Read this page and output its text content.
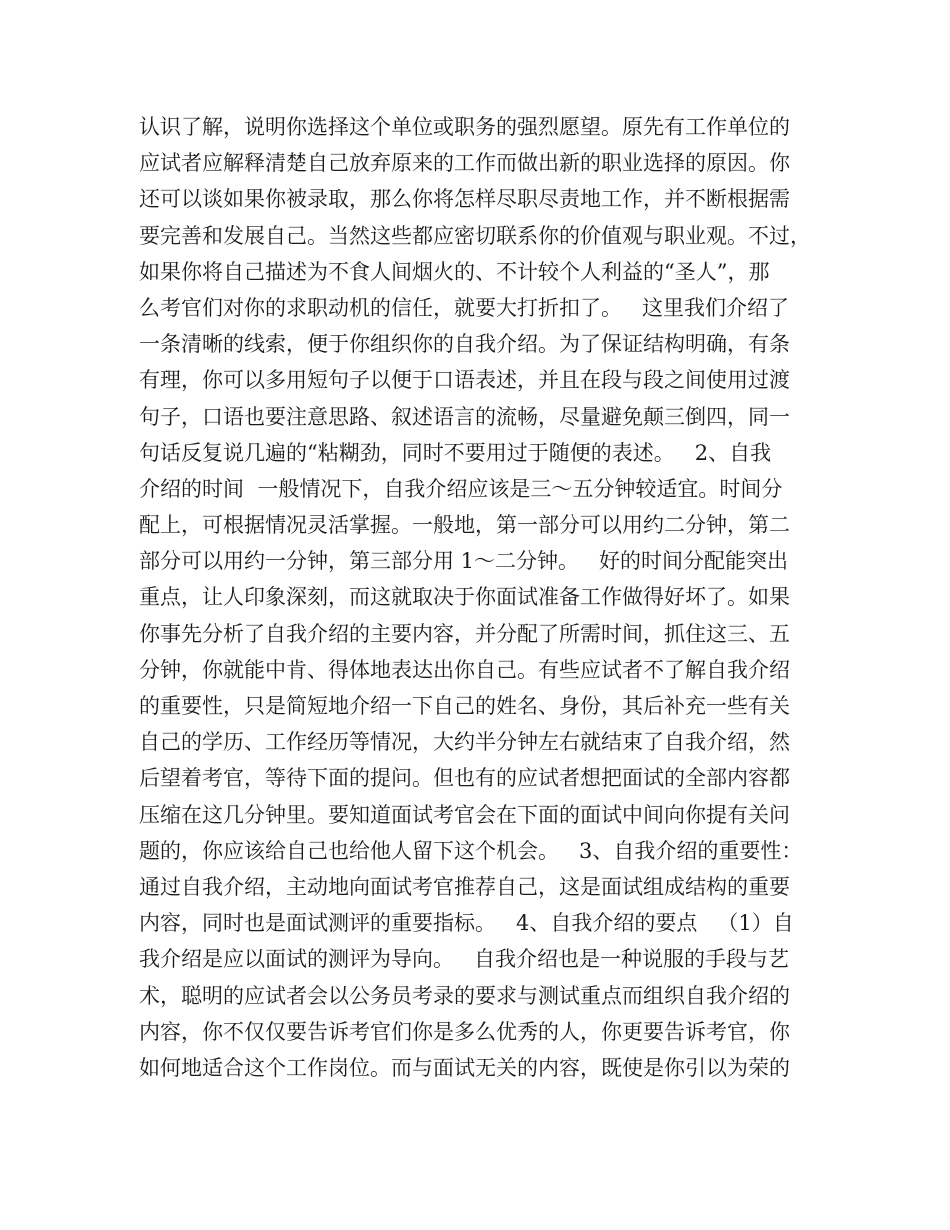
认识了解，说明你选择这个单位或职务的强烈愿望。原先有工作单位的
应试者应解释清楚自己放弃原来的工作而做出新的职业选择的原因。你
还可以谈如果你被录取，那么你将怎样尽职尽责地工作，并不断根据需
要完善和发展自己。当然这些都应密切联系你的价值观与职业观。不过，
如果你将自己描述为不食人间烟火的、不计较个人利益的“圣人”，那
么考官们对你的求职动机的信任，就要大打折扣了。   这里我们介绍了
一条清晰的线索，便于你组织你的自我介绍。为了保证结构明确，有条
有理，你可以多用短句子以便于口语表述，并且在段与段之间使用过渡
句子，口语也要注意思路、叙述语言的流畅，尽量避免颠三倒四，同一
句话反复说几遍的“粘糊劲，同时不要用过于随便的表述。   2、自我
介绍的时间  一般情况下，自我介绍应该是三～五分钟较适宜。时间分
配上，可根据情况灵活掌握。一般地，第一部分可以用约二分钟，第二
部分可以用约一分钟，第三部分用 1～二分钟。   好的时间分配能突出
重点，让人印象深刻，而这就取决于你面试准备工作做得好坏了。如果
你事先分析了自我介绍的主要内容，并分配了所需时间，抓住这三、五
分钟，你就能中肯、得体地表达出你自己。有些应试者不了解自我介绍
的重要性，只是简短地介绍一下自己的姓名、身份，其后补充一些有关
自己的学历、工作经历等情况，大约半分钟左右就结束了自我介绍，然
后望着考官，等待下面的提问。但也有的应试者想把面试的全部内容都
压缩在这几分钟里。要知道面试考官会在下面的面试中间向你提有关问
题的，你应该给自己也给他人留下这个机会。   3、自我介绍的重要性：
通过自我介绍，主动地向面试考官推荐自己，这是面试组成结构的重要
内容，同时也是面试测评的重要指标。   4、自我介绍的要点   （1）自
我介绍是应以面试的测评为导向。   自我介绍也是一种说服的手段与艺
术，聪明的应试者会以公务员考录的要求与测试重点而组织自我介绍的
内容，你不仅仅要告诉考官们你是多么优秀的人，你更要告诉考官，你
如何地适合这个工作岗位。而与面试无关的内容，既使是你引以为荣的
